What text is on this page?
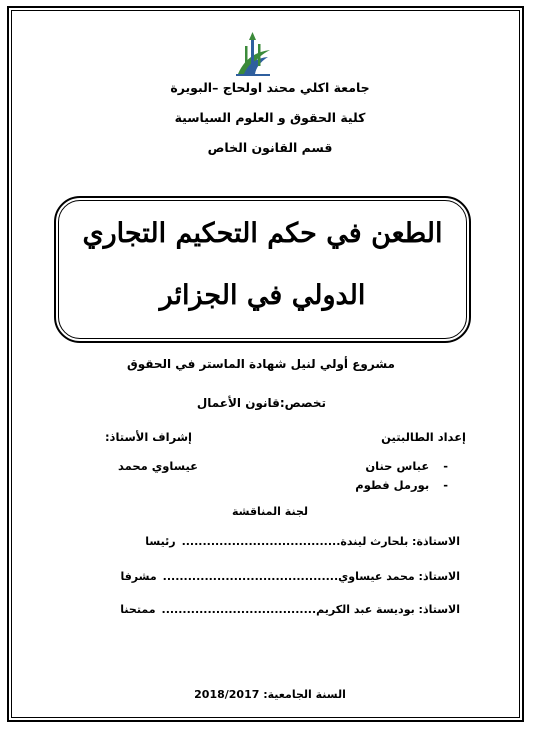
جامعة اكلي محند اولحاج –البويرة
كلية الحقوق و العلوم السياسية
قسم القانون الخاص
الطعن في حكم التحكيم التجاري
الدولي في الجزائر
مشروع أولي لنيل شهادة الماستر في الحقوق
تخصص:قانون الأعمال
إعداد الطالبتين
-عباس حنان
-بورمل فطوم
إشراف الأستاذ:
عيساوي محمد
لجنة المناقشة
الاستاذة: بلحارث ليندة......................................رئيسا
الاستاذ: محمد عيساوي..........................................مشرفا
الاستاذ: بوديسة عبد الكريم.....................................ممتحنا
السنة الجامعية: 2018/2017
